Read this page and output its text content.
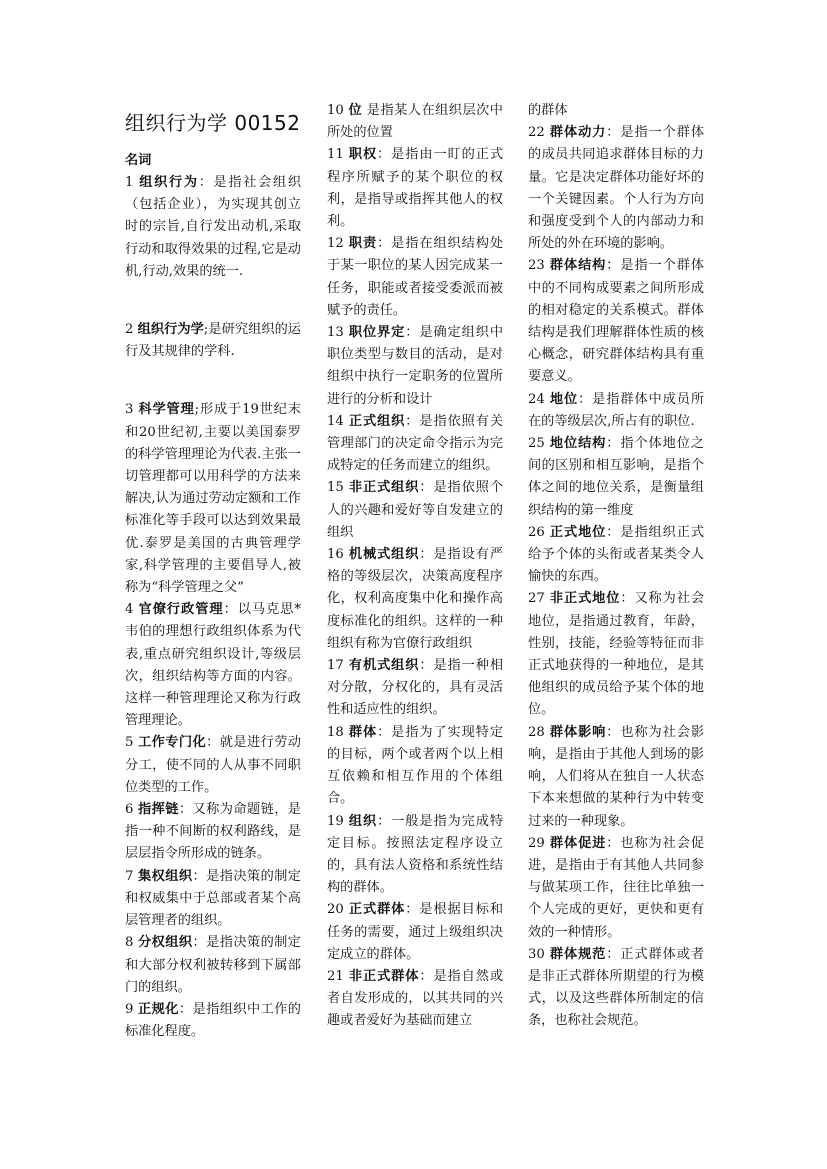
组织行为学 00152

名词

1 组织行为：是指社会组织（包括企业），为实现其创立时的宗旨,自行发出动机,采取行动和取得效果的过程,它是动机,行动,效果的统一.

2 组织行为学;是研究组织的运行及其规律的学科.

3 科学管理;形成于19世纪末和20世纪初,主要以美国泰罗的科学管理理论为代表.主张一切管理都可以用科学的方法来解决,认为通过劳动定额和工作标准化等手段可以达到效果最优.泰罗是美国的古典管理学家,科学管理的主要倡导人,被称为“科学管理之父”

4 官僚行政管理：以马克思*韦伯的理想行政组织体系为代表,重点研究组织设计,等级层次，组织结构等方面的内容。这样一种管理理论又称为行政管理理论。

5 工作专门化：就是进行劳动分工，使不同的人从事不同职位类型的工作。

6 指挥链：又称为命题链，是指一种不间断的权利路线，是层层指令所形成的链条。

7 集权组织：是指决策的制定和权威集中于总部或者某个高层管理者的组织。

8 分权组织：是指决策的制定和大部分权利被转移到下属部门的组织。

9 正规化：是指组织中工作的标准化程度。

10 位 是指某人在组织层次中所处的位置

11 职权：是指由一盯的正式程序所赋予的某个职位的权利，是指导或指挥其他人的权利。

12 职责：是指在组织结构处于某一职位的某人因完成某一任务，职能或者接受委派而被赋予的责任。

13 职位界定：是确定组织中职位类型与数目的活动，是对组织中执行一定职务的位置所进行的分析和设计

14 正式组织：是指依照有关管理部门的决定命令指示为完成特定的任务而建立的组织。

15 非正式组织：是指依照个人的兴趣和爱好等自发建立的组织

16 机械式组织：是指设有严格的等级层次，决策高度程序化，权利高度集中化和操作高度标准化的组织。这样的一种组织有称为官僚行政组织

17 有机式组织：是指一种相对分散，分权化的，具有灵活性和适应性的组织。

18 群体：是指为了实现特定的目标，两个或者两个以上相互依赖和相互作用的个体组合。

19 组织：一般是指为完成特定目标。按照法定程序设立的，具有法人资格和系统性结构的群体。

20 正式群体：是根据目标和任务的需要，通过上级组织决定成立的群体。

21 非正式群体：是指自然或者自发形成的，以其共同的兴趣或者爱好为基础而建立

的群体

22 群体动力：是指一个群体的成员共同追求群体目标的力量。它是决定群体功能好坏的一个关键因素。个人行为方向和强度受到个人的内部动力和所处的外在环境的影响。

23 群体结构：是指一个群体中的不同构成要素之间所形成的相对稳定的关系模式。群体结构是我们理解群体性质的核心概念，研究群体结构具有重要意义。

24 地位：是指群体中成员所在的等级层次,所占有的职位.

25 地位结构：指个体地位之间的区别和相互影响，是指个体之间的地位关系，是衡量组织结构的第一维度

26 正式地位：是指组织正式给予个体的头衔或者某类令人愉快的东西。

27 非正式地位：又称为社会地位，是指通过教育，年龄，性别，技能，经验等特征而非正式地获得的一种地位，是其他组织的成员给予某个体的地位。

28 群体影响：也称为社会影响，是指由于其他人到场的影响，人们将从在独自一人状态下本来想做的某种行为中转变过来的一种现象。

29 群体促进：也称为社会促进，是指由于有其他人共同参与做某项工作，往往比单独一个人完成的更好，更快和更有效的一种情形。

30 群体规范：正式群体或者是非正式群体所期望的行为模式，以及这些群体所制定的信条，也称社会规范。
